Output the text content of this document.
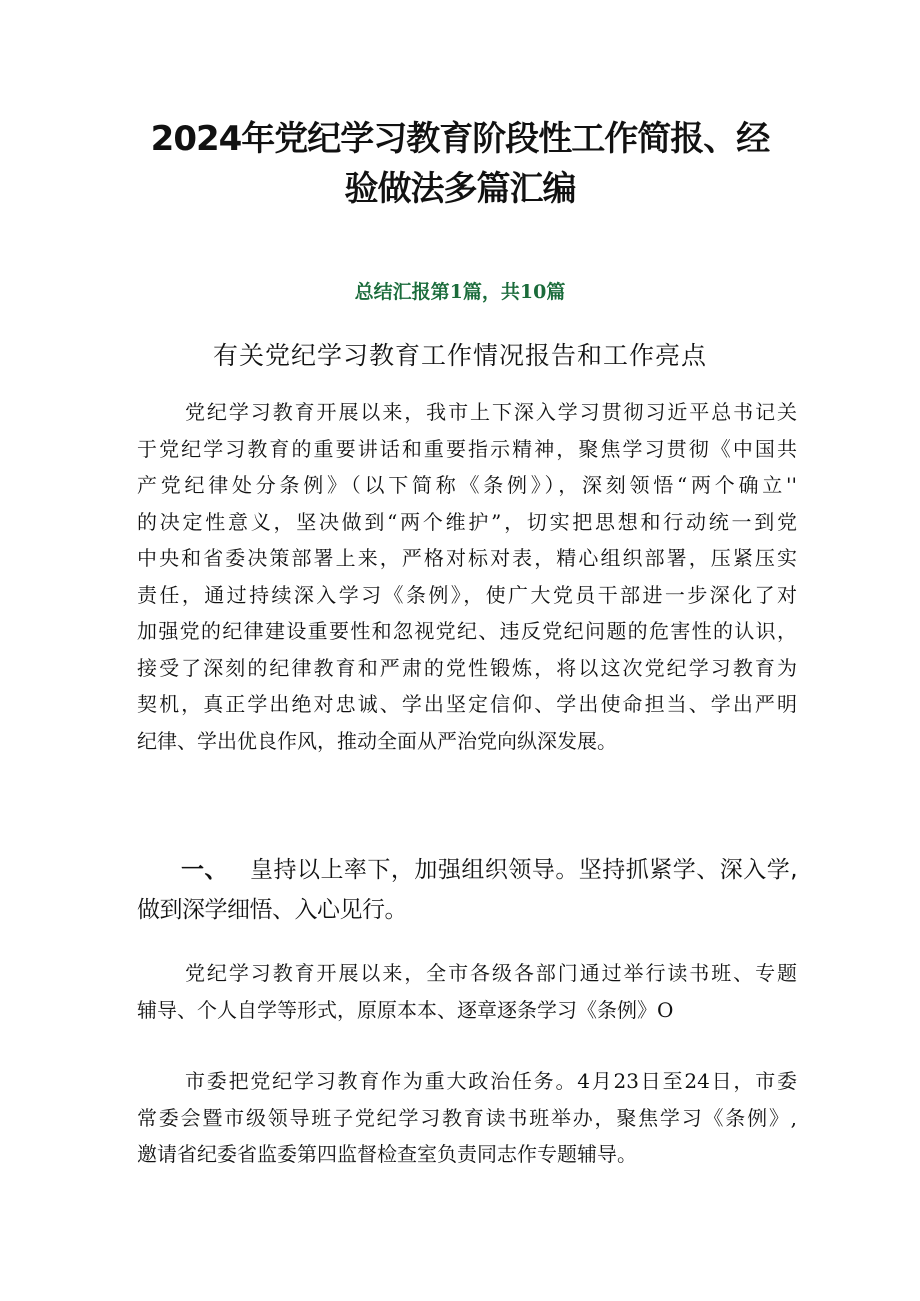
2024年党纪学习教育阶段性工作简报、经
验做法多篇汇编
总结汇报第1篇，共10篇
有关党纪学习教育工作情况报告和工作亮点
党纪学习教育开展以来，我市上下深入学习贯彻习近平总书记关
于党纪学习教育的重要讲话和重要指示精神，聚焦学习贯彻《中国共
产党纪律处分条例》（以下简称《条例》），深刻领悟“两个确立''
的决定性意义，坚决做到“两个维护”，切实把思想和行动统一到党
中央和省委决策部署上来，严格对标对表，精心组织部署，压紧压实
责任，通过持续深入学习《条例》，使广大党员干部进一步深化了对
加强党的纪律建设重要性和忽视党纪、违反党纪问题的危害性的认识，
接受了深刻的纪律教育和严肃的党性锻炼，将以这次党纪学习教育为
契机，真正学出绝对忠诚、学出坚定信仰、学出使命担当、学出严明
纪律、学出优良作风，推动全面从严治党向纵深发展。
一、 皇持以上率下，加强组织领导。坚持抓紧学、深入学,
做到深学细悟、入心见行。
党纪学习教育开展以来，全市各级各部门通过举行读书班、专题
辅导、个人自学等形式，原原本本、逐章逐条学习《条例》O
市委把党纪学习教育作为重大政治任务。4月23日至24日，市委
常委会暨市级领导班子党纪学习教育读书班举办，聚焦学习《条例》,
邀请省纪委省监委第四监督检查室负责同志作专题辅导。
